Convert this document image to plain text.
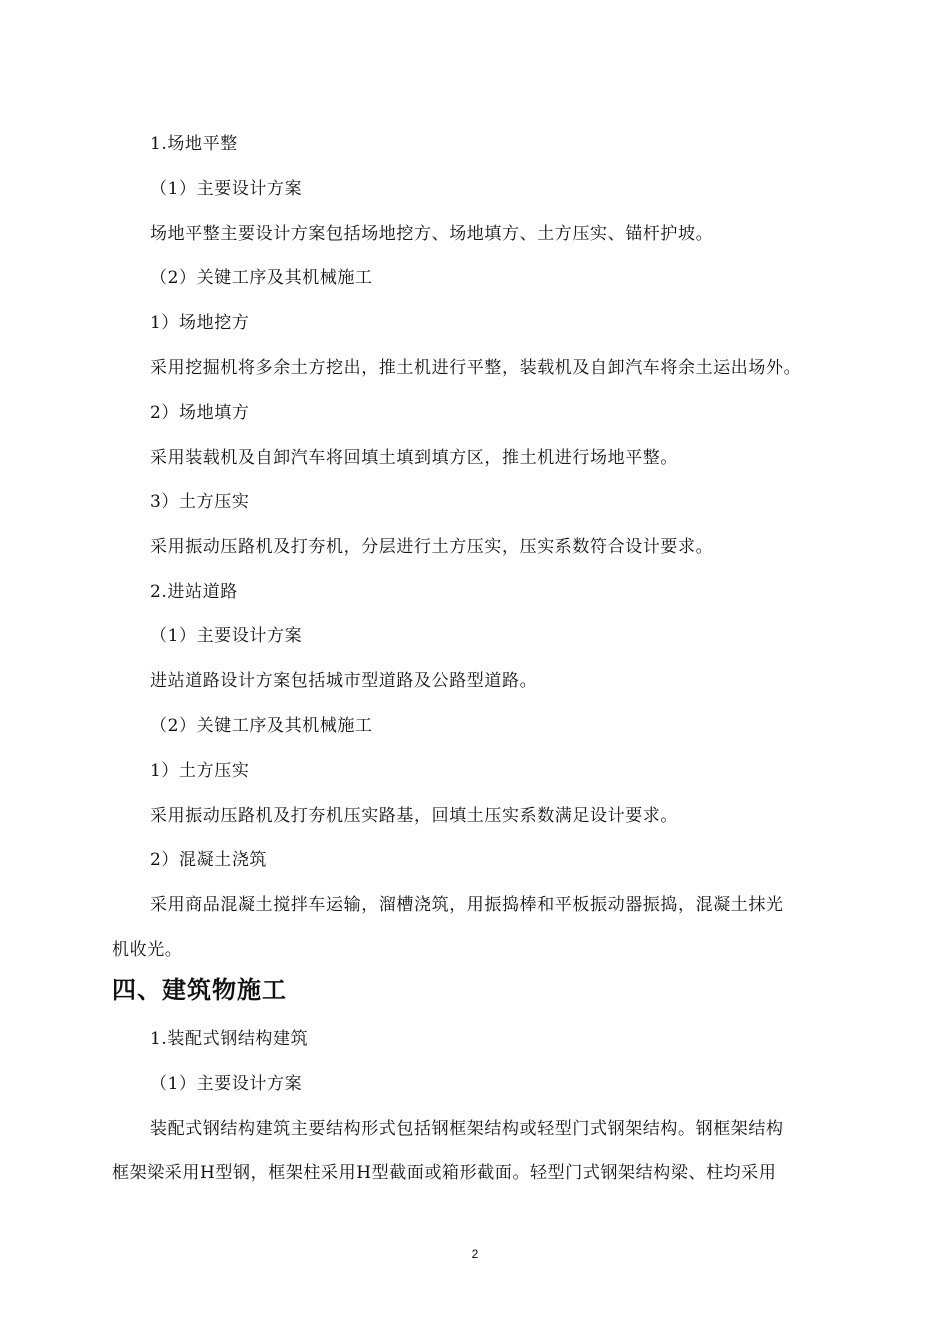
1.场地平整
（1）主要设计方案
场地平整主要设计方案包括场地挖方、场地填方、土方压实、锚杆护坡。
（2）关键工序及其机械施工
1）场地挖方
采用挖掘机将多余土方挖出，推土机进行平整，装载机及自卸汽车将余土运出场外。
2）场地填方
采用装载机及自卸汽车将回填土填到填方区，推土机进行场地平整。
3）土方压实
采用振动压路机及打夯机，分层进行土方压实，压实系数符合设计要求。
2.进站道路
（1）主要设计方案
进站道路设计方案包括城市型道路及公路型道路。
（2）关键工序及其机械施工
1）土方压实
采用振动压路机及打夯机压实路基，回填土压实系数满足设计要求。
2）混凝土浇筑
采用商品混凝土搅拌车运输，溜槽浇筑，用振捣棒和平板振动器振捣，混凝土抹光
机收光。
四、建筑物施工
1.装配式钢结构建筑
（1）主要设计方案
装配式钢结构建筑主要结构形式包括钢框架结构或轻型门式钢架结构。钢框架结构
框架梁采用H型钢，框架柱采用H型截面或箱形截面。轻型门式钢架结构梁、柱均采用
2
